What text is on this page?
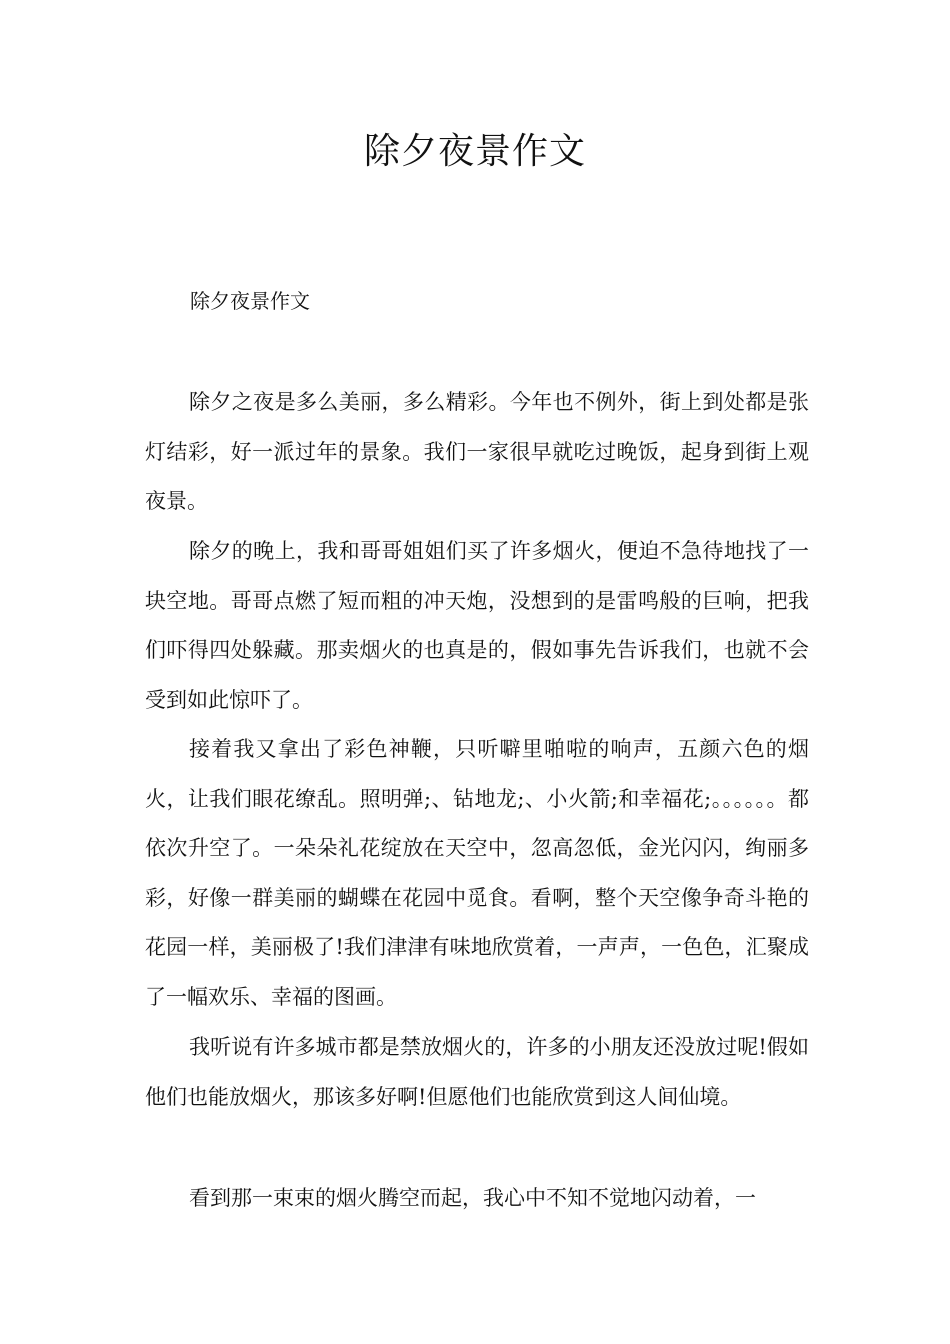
除夕夜景作文

除夕夜景作文

除夕之夜是多么美丽，多么精彩。今年也不例外，街上到处都是张灯结彩，好一派过年的景象。我们一家很早就吃过晚饭，起身到街上观夜景。

除夕的晚上，我和哥哥姐姐们买了许多烟火，便迫不急待地找了一块空地。哥哥点燃了短而粗的冲天炮，没想到的是雷鸣般的巨响，把我们吓得四处躲藏。那卖烟火的也真是的，假如事先告诉我们，也就不会受到如此惊吓了。

接着我又拿出了彩色神鞭，只听噼里啪啦的响声，五颜六色的烟火，让我们眼花缭乱。照明弹;、钻地龙;、小火箭;和幸福花;。。。。。。都依次升空了。一朵朵礼花绽放在天空中，忽高忽低，金光闪闪，绚丽多彩，好像一群美丽的蝴蝶在花园中觅食。看啊，整个天空像争奇斗艳的花园一样，美丽极了!我们津津有味地欣赏着，一声声，一色色，汇聚成了一幅欢乐、幸福的图画。

我听说有许多城市都是禁放烟火的，许多的小朋友还没放过呢!假如他们也能放烟火，那该多好啊!但愿他们也能欣赏到这人间仙境。

看到那一束束的烟火腾空而起，我心中不知不觉地闪动着，一
